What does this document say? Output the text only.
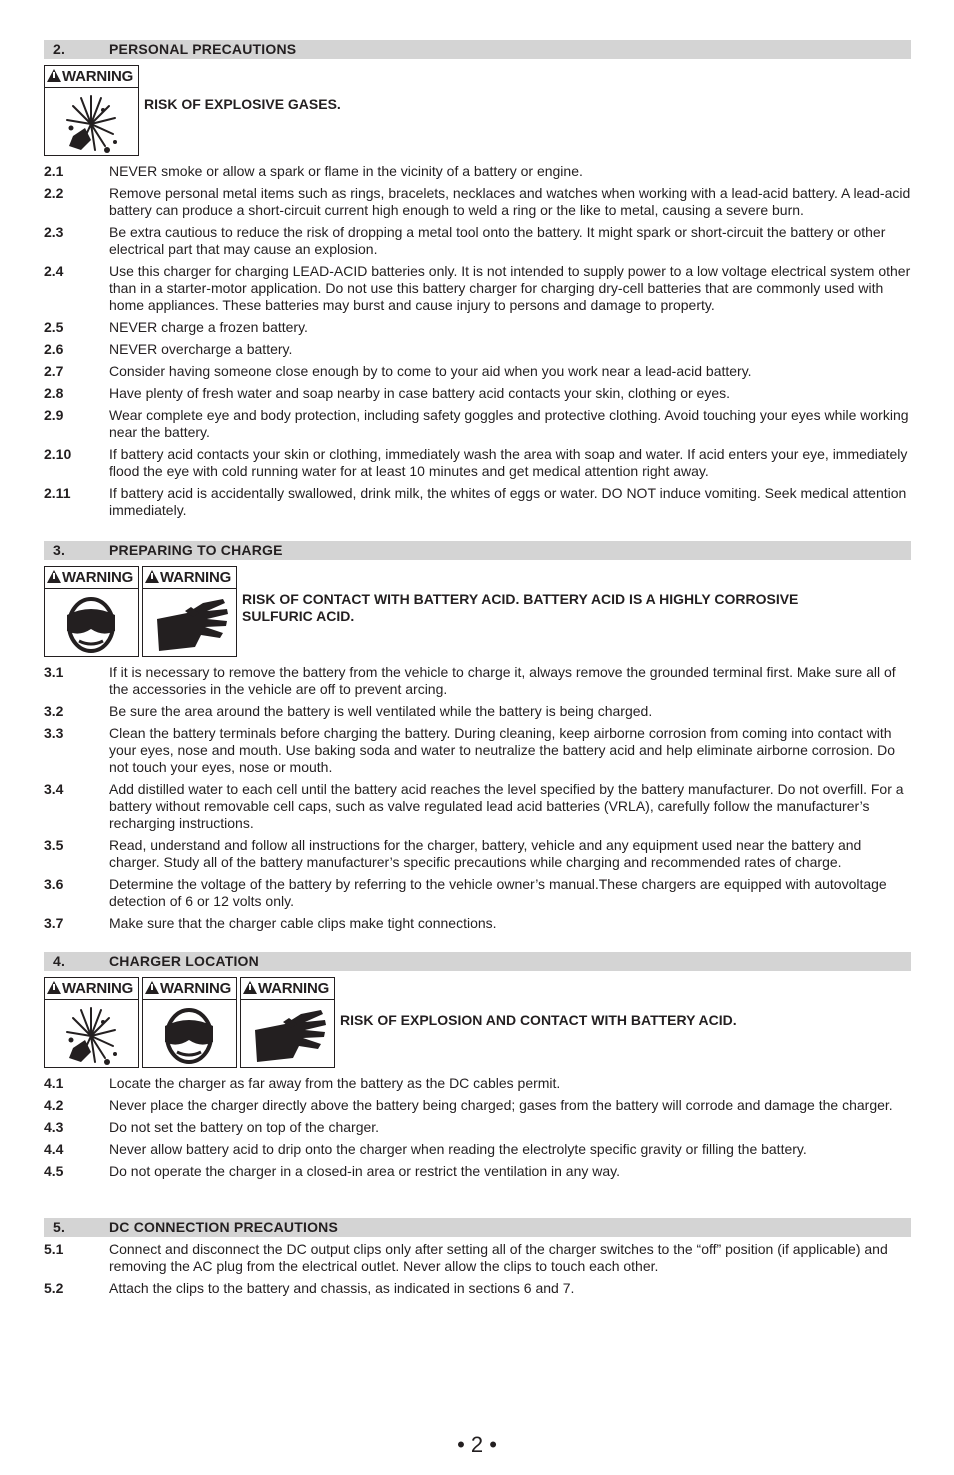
2.	PERSONAL PRECAUTIONS
WARNING
RISK OF EXPLOSIVE GASES.
2.1	NEVER smoke or allow a spark or flame in the vicinity of a battery or engine.
2.2	Remove personal metal items such as rings, bracelets, necklaces and watches when working with a lead-acid battery. A lead-acid battery can produce a short-circuit current high enough to weld a ring or the like to metal, causing a severe burn.
2.3	Be extra cautious to reduce the risk of dropping a metal tool onto the battery. It might spark or short-circuit the battery or other electrical part that may cause an explosion.
2.4	Use this charger for charging LEAD-ACID batteries only. It is not intended to supply power to a low voltage electrical system other than in a starter-motor application. Do not use this battery charger for charging dry-cell batteries that are commonly used with home appliances. These batteries may burst and cause injury to persons and damage to property.
2.5	NEVER charge a frozen battery.
2.6	NEVER overcharge a battery.
2.7	Consider having someone close enough by to come to your aid when you work near a lead-acid battery.
2.8	Have plenty of fresh water and soap nearby in case battery acid contacts your skin, clothing or eyes.
2.9	Wear complete eye and body protection, including safety goggles and protective clothing. Avoid touching your eyes while working near the battery.
2.10	If battery acid contacts your skin or clothing, immediately wash the area with soap and water. If acid enters your eye, immediately flood the eye with cold running water for at least 10 minutes and get medical attention right away.
2.11	If battery acid is accidentally swallowed, drink milk, the whites of eggs or water. DO NOT induce vomiting. Seek medical attention immediately.
3.	PREPARING TO CHARGE
WARNING	WARNING
RISK OF CONTACT WITH BATTERY ACID. BATTERY ACID IS A HIGHLY CORROSIVE SULFURIC ACID.
3.1	If it is necessary to remove the battery from the vehicle to charge it, always remove the grounded terminal first. Make sure all of the accessories in the vehicle are off to prevent arcing.
3.2	Be sure the area around the battery is well ventilated while the battery is being charged.
3.3	Clean the battery terminals before charging the battery. During cleaning, keep airborne corrosion from coming into contact with your eyes, nose and mouth. Use baking soda and water to neutralize the battery acid and help eliminate airborne corrosion. Do not touch your eyes, nose or mouth.
3.4	Add distilled water to each cell until the battery acid reaches the level specified by the battery manufacturer. Do not overfill. For a battery without removable cell caps, such as valve regulated lead acid batteries (VRLA), carefully follow the manufacturer’s recharging instructions.
3.5	Read, understand and follow all instructions for the charger, battery, vehicle and any equipment used near the battery and charger. Study all of the battery manufacturer’s specific precautions while charging and recommended rates of charge.
3.6	Determine the voltage of the battery by referring to the vehicle owner’s manual.These chargers are equipped with autovoltage detection of 6 or 12 volts only.
3.7	Make sure that the charger cable clips make tight connections.
4.	CHARGER LOCATION
WARNING	WARNING	WARNING
RISK OF EXPLOSION AND CONTACT WITH BATTERY ACID.
4.1	Locate the charger as far away from the battery as the DC cables permit.
4.2	Never place the charger directly above the battery being charged; gases from the battery will corrode and damage the charger.
4.3	Do not set the battery on top of the charger.
4.4	Never allow battery acid to drip onto the charger when reading the electrolyte specific gravity or filling the battery.
4.5	Do not operate the charger in a closed-in area or restrict the ventilation in any way.
5.	DC CONNECTION PRECAUTIONS
5.1	Connect and disconnect the DC output clips only after setting all of the charger switches to the “off” position (if applicable) and removing the AC plug from the electrical outlet. Never allow the clips to touch each other.
5.2	Attach the clips to the battery and chassis, as indicated in sections 6 and 7.
• 2 •
